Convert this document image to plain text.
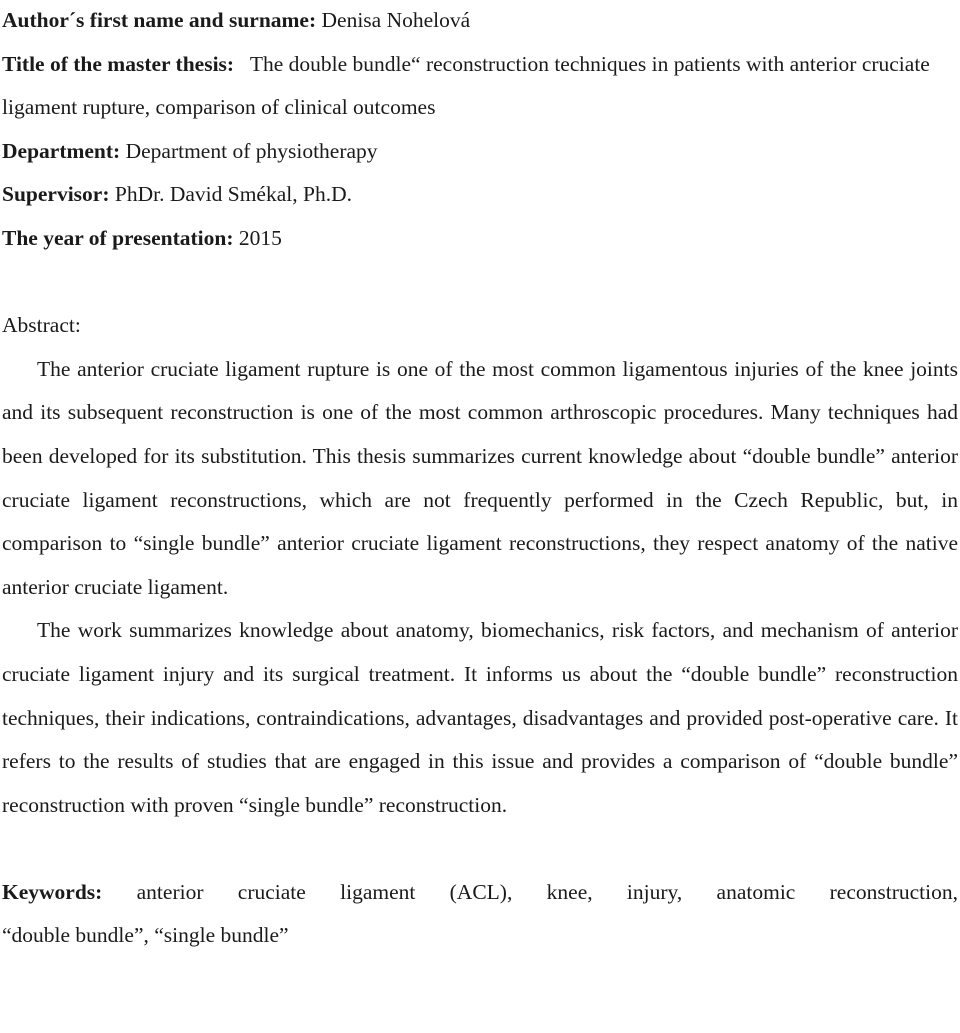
Author´s first name and surname: Denisa Nohelová
Title of the master thesis: The double bundle“ reconstruction techniques in patients with anterior cruciate ligament rupture, comparison of clinical outcomes
Department: Department of physiotherapy
Supervisor: PhDr. David Smékal, Ph.D.
The year of presentation: 2015
Abstract:

The anterior cruciate ligament rupture is one of the most common ligamentous injuries of the knee joints and its subsequent reconstruction is one of the most common arthroscopic procedures. Many techniques had been developed for its substitution. This thesis summarizes current knowledge about “double bundle” anterior cruciate ligament reconstructions, which are not frequently performed in the Czech Republic, but, in comparison to “single bundle” anterior cruciate ligament reconstructions, they respect anatomy of the native anterior cruciate ligament.

The work summarizes knowledge about anatomy, biomechanics, risk factors, and mechanism of anterior cruciate ligament injury and its surgical treatment. It informs us about the “double bundle” reconstruction techniques, their indications, contraindications, advantages, disadvantages and provided post-operative care. It refers to the results of studies that are engaged in this issue and provides a comparison of “double bundle” reconstruction with proven “single bundle” reconstruction.

Keywords: anterior cruciate ligament (ACL), knee, injury, anatomic reconstruction,
“double bundle”, “single bundle”
